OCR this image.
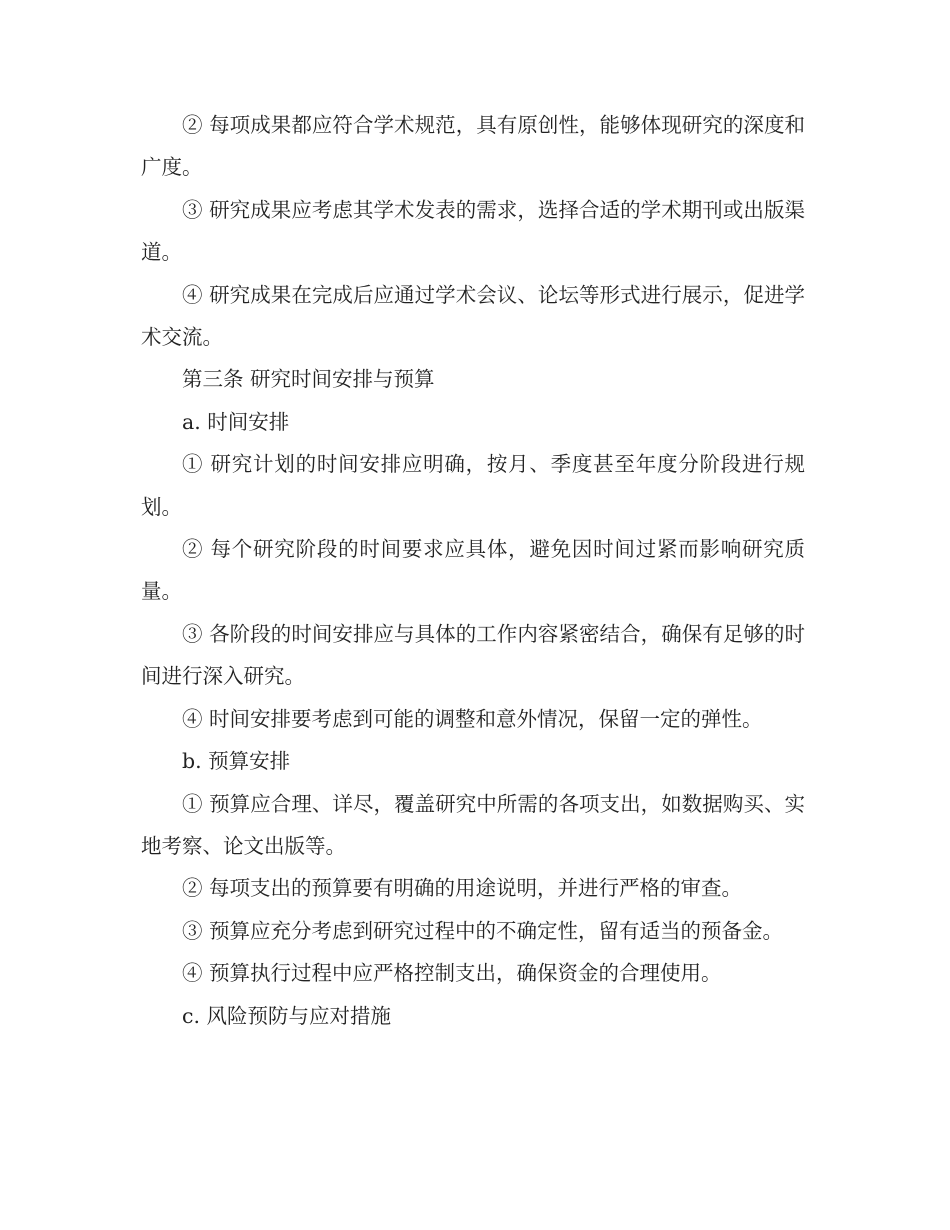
② 每项成果都应符合学术规范，具有原创性，能够体现研究的深度和广度。

③ 研究成果应考虑其学术发表的需求，选择合适的学术期刊或出版渠道。

④ 研究成果在完成后应通过学术会议、论坛等形式进行展示，促进学术交流。

第三条 研究时间安排与预算

a. 时间安排

① 研究计划的时间安排应明确，按月、季度甚至年度分阶段进行规划。

② 每个研究阶段的时间要求应具体，避免因时间过紧而影响研究质量。

③ 各阶段的时间安排应与具体的工作内容紧密结合，确保有足够的时间进行深入研究。

④ 时间安排要考虑到可能的调整和意外情况，保留一定的弹性。

b. 预算安排

① 预算应合理、详尽，覆盖研究中所需的各项支出，如数据购买、实地考察、论文出版等。

② 每项支出的预算要有明确的用途说明，并进行严格的审查。

③ 预算应充分考虑到研究过程中的不确定性，留有适当的预备金。

④ 预算执行过程中应严格控制支出，确保资金的合理使用。

c. 风险预防与应对措施
